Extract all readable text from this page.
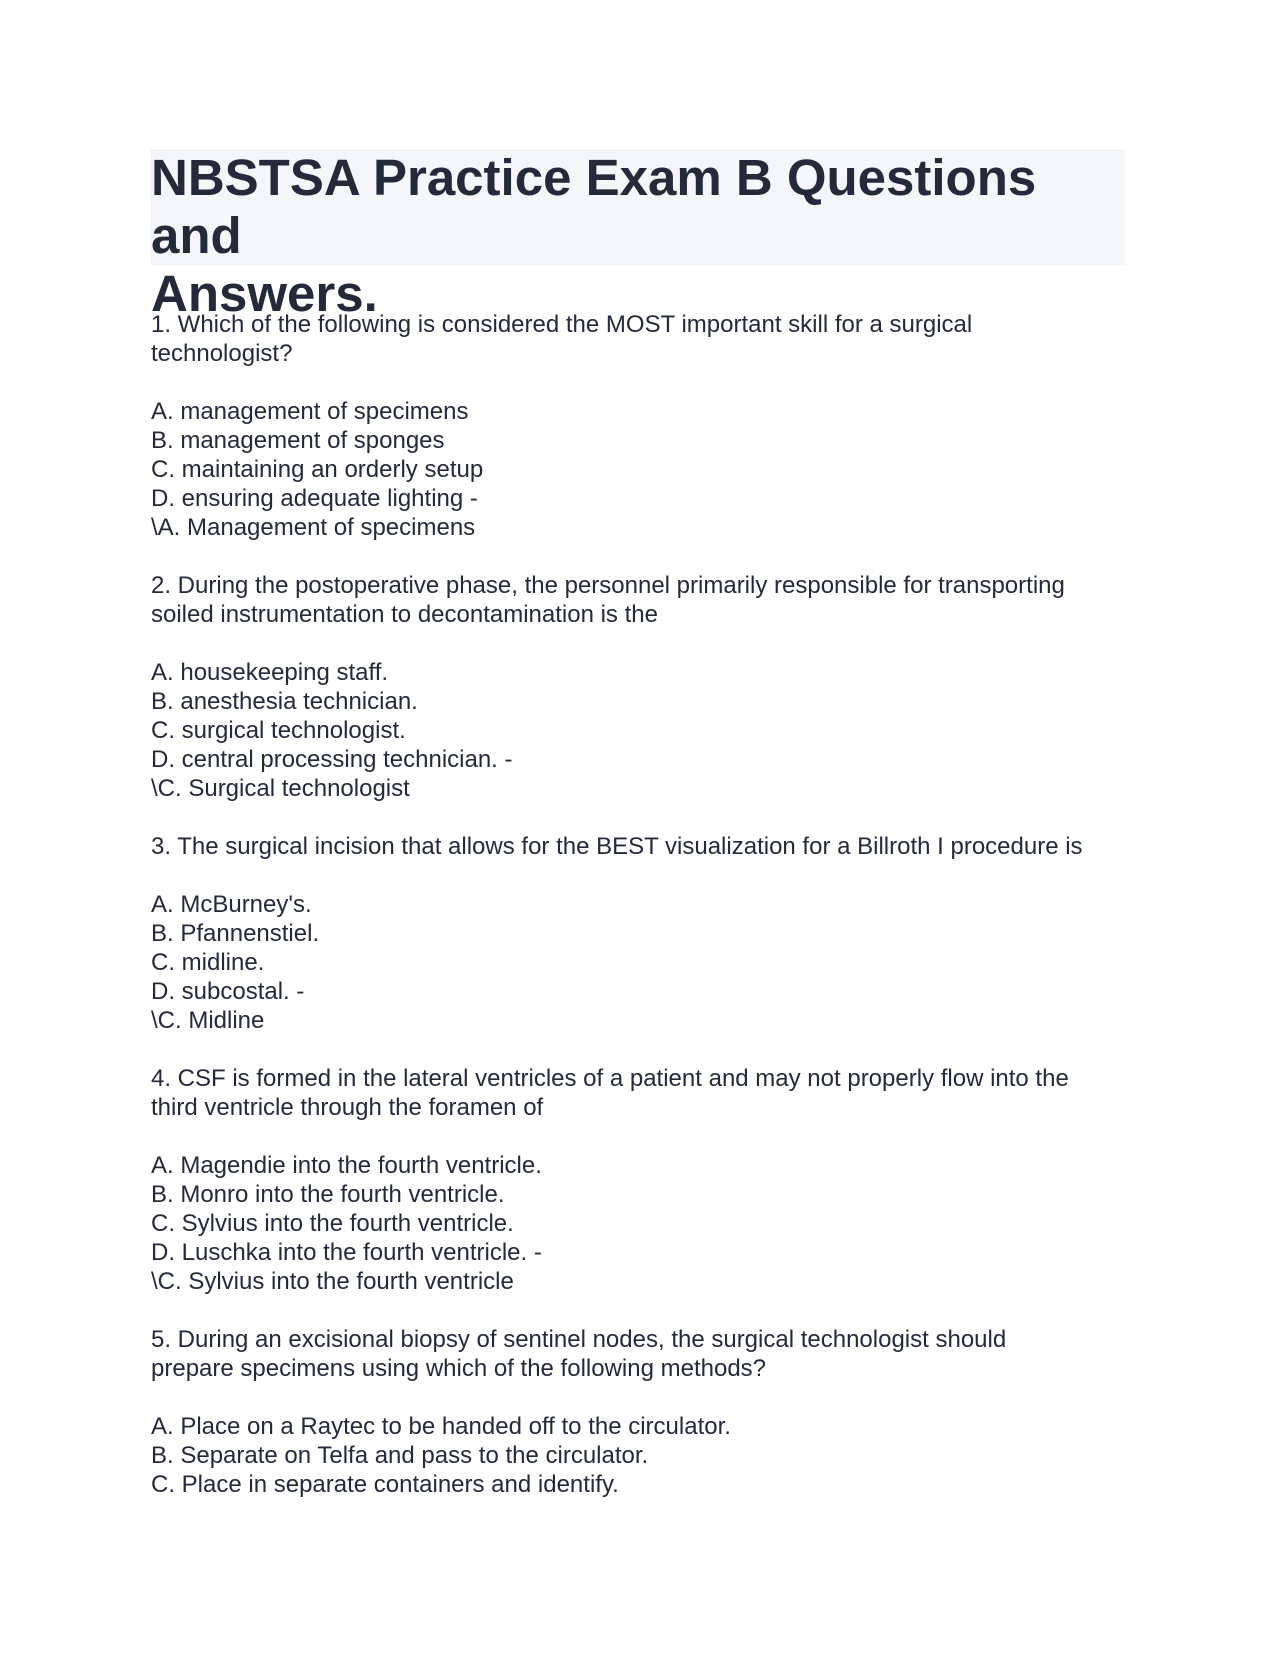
NBSTSA Practice Exam B Questions and
Answers.

1. Which of the following is considered the MOST important skill for a surgical

technologist?

A. management of specimens

B. management of sponges

C. maintaining an orderly setup

D. ensuring adequate lighting -

\A. Management of specimens

2. During the postoperative phase, the personnel primarily responsible for transporting

soiled instrumentation to decontamination is the

A. housekeeping staff.

B. anesthesia technician.

C. surgical technologist.

D. central processing technician. -

\C. Surgical technologist

3. The surgical incision that allows for the BEST visualization for a Billroth I procedure is

A. McBurney's.

B. Pfannenstiel.

C. midline.

D. subcostal. -

\C. Midline

4. CSF is formed in the lateral ventricles of a patient and may not properly flow into the

third ventricle through the foramen of

A. Magendie into the fourth ventricle.

B. Monro into the fourth ventricle.

C. Sylvius into the fourth ventricle.

D. Luschka into the fourth ventricle. -

\C. Sylvius into the fourth ventricle

5. During an excisional biopsy of sentinel nodes, the surgical technologist should

prepare specimens using which of the following methods?

A. Place on a Raytec to be handed off to the circulator.

B. Separate on Telfa and pass to the circulator.

C. Place in separate containers and identify.
